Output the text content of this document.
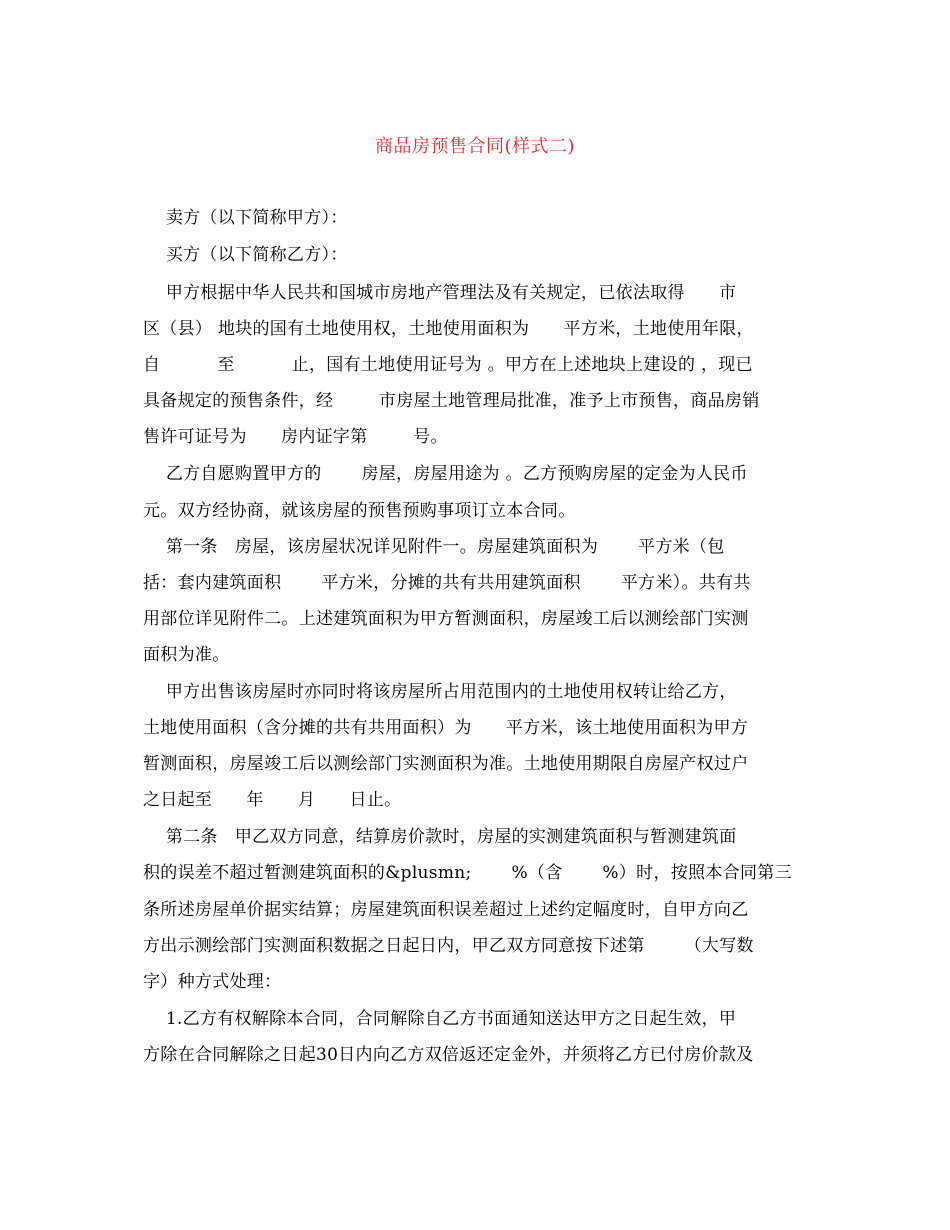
商品房预售合同(样式二)
卖方（以下简称甲方）：
买方（以下简称乙方）：
甲方根据中华人民共和国城市房地产管理法及有关规定，已依法取得      市
区（县） 地块的国有土地使用权，土地使用面积为      平方米，土地使用年限，
自          至          止，国有土地使用证号为 。甲方在上述地块上建设的 ，现已
具备规定的预售条件，经        市房屋土地管理局批准，准予上市预售，商品房销
售许可证号为      房内证字第        号。
乙方自愿购置甲方的       房屋，房屋用途为 。乙方预购房屋的定金为人民币
元。双方经协商，就该房屋的预售预购事项订立本合同。
第一条   房屋，该房屋状况详见附件一。房屋建筑面积为       平方米（包
括：套内建筑面积       平方米，分摊的共有共用建筑面积       平方米）。共有共
用部位详见附件二。上述建筑面积为甲方暂测面积，房屋竣工后以测绘部门实测
面积为准。
甲方出售该房屋时亦同时将该房屋所占用范围内的土地使用权转让给乙方，
土地使用面积（含分摊的共有共用面积）为      平方米，该土地使用面积为甲方
暂测面积，房屋竣工后以测绘部门实测面积为准。土地使用期限自房屋产权过户
之日起至      年      月      日止。
第二条   甲乙双方同意，结算房价款时，房屋的实测建筑面积与暂测建筑面
积的误差不超过暂测建筑面积的&plusmn;       %（含       %）时，按照本合同第三
条所述房屋单价据实结算；房屋建筑面积误差超过上述约定幅度时，自甲方向乙
方出示测绘部门实测面积数据之日起日内，甲乙双方同意按下述第       （大写数
字）种方式处理：
1.乙方有权解除本合同，合同解除自乙方书面通知送达甲方之日起生效，甲
方除在合同解除之日起30日内向乙方双倍返还定金外，并须将乙方已付房价款及
